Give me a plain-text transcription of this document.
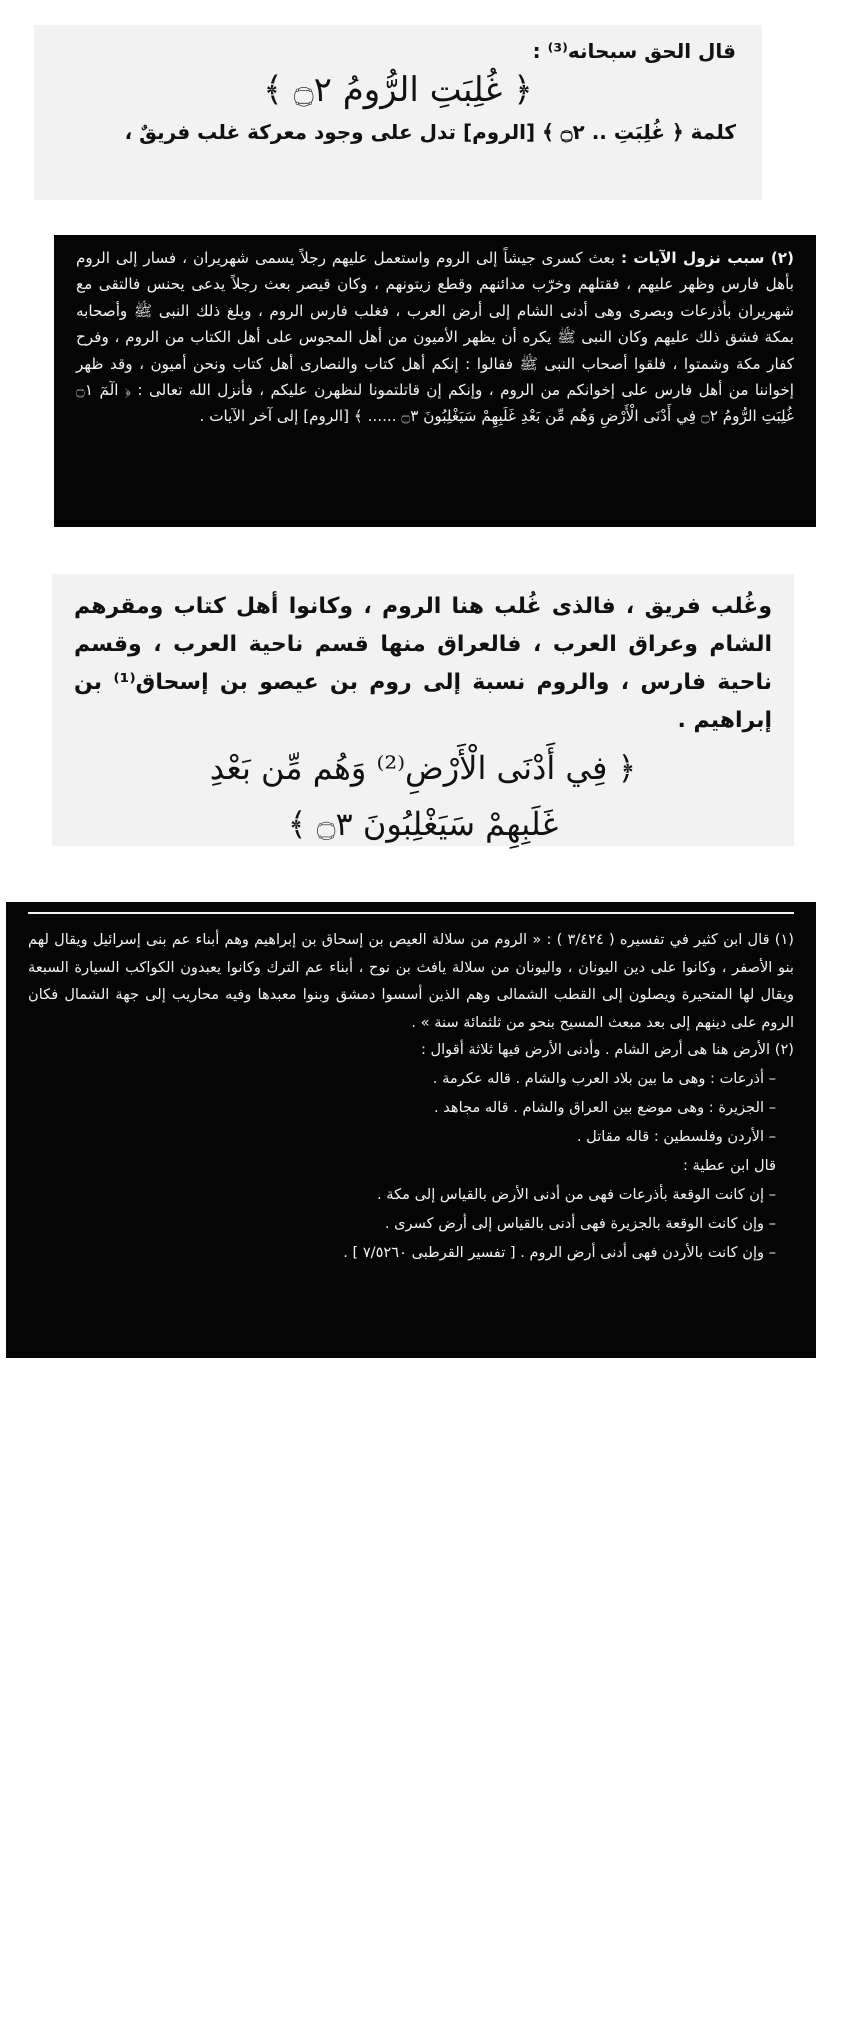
قال الحق سبحانه⁽³⁾ :
﴿ غُلِبَتِ الرُّومُ ۝٢ ﴾
كلمة ﴿ غُلِبَتِ .. ۝٢ ﴾ [الروم] تدل على وجود معركة غلب فريقٌ ،
(٢) سبب نزول الآيات : بعث كسرى جيشاً إلى الروم واستعمل عليهم رجلاً يسمى شهريران ، فسار إلى الروم بأهل فارس وظهر عليهم ، فقتلهم وخرّب مدائنهم وقطع زيتونهم ، وكان قيصر بعث رجلاً يدعى يحنس فالتقى مع شهريران بأذرعات وبصرى وهى أدنى الشام إلى أرض العرب ، فغلب فارس الروم ، وبلغ ذلك النبى ﷺ وأصحابه بمكة فشق ذلك عليهم وكان النبى ﷺ يكره أن يظهر الأميون من أهل المجوس على أهل الكتاب من الروم ، وفرح كفار مكة وشمتوا ، فلقوا أصحاب النبى ﷺ فقالوا : إنكم أهل كتاب والنصارى أهل كتاب ونحن أميون ، وقد ظهر إخواننا من أهل فارس على إخوانكم من الروم ، وإنكم إن قاتلتمونا لنظهرن عليكم ، فأنزل الله تعالى : ﴿ الٓمٓ ۝١ غُلِبَتِ الرُّومُ ۝٢ فِي أَدْنَى الْأَرْضِ وَهُم مِّن بَعْدِ غَلَبِهِمْ سَيَغْلِبُونَ ۝٣ ...... ﴾ [الروم] إلى آخر الآيات .
وغُلب فريق ، فالذى غُلب هنا الروم ، وكانوا أهل كتاب ومقرهم الشام وعراق العرب ، فالعراق منها قسم ناحية العرب ، وقسم ناحية فارس ، والروم نسبة إلى روم بن عيصو بن إسحاق⁽¹⁾ بن إبراهيم .
﴿ فِي أَدْنَى الْأَرْضِ⁽²⁾ وَهُم مِّن بَعْدِ
غَلَبِهِمْ سَيَغْلِبُونَ ۝٣ ﴾
(١) قال ابن كثير في تفسيره ( ٣/٤٢٤ ) : « الروم من سلالة العيص بن إسحاق بن إبراهيم وهم أبناء عم بنى إسرائيل ويقال لهم بنو الأصفر ، وكانوا على دين اليونان ، واليونان من سلالة يافث بن نوح ، أبناء عم الترك وكانوا يعبدون الكواكب السيارة السبعة ويقال لها المتحيرة ويصلون إلى القطب الشمالى وهم الذين أسسوا دمشق وبنوا معبدها وفيه محاريب إلى جهة الشمال فكان الروم على دينهم إلى بعد مبعث المسيح بنحو من ثلثمائة سنة » .
(٢) الأرض هنا هى أرض الشام . وأدنى الأرض فيها ثلاثة أقوال :
– أذرعات : وهى ما بين بلاد العرب والشام . قاله عكرمة .
– الجزيرة : وهى موضع بين العراق والشام . قاله مجاهد .
– الأردن وفلسطين : قاله مقاتل .
قال ابن عطية :
– إن كانت الوقعة بأذرعات فهى من أدنى الأرض بالقياس إلى مكة .
– وإن كانت الوقعة بالجزيرة فهى أدنى بالقياس إلى أرض كسرى .
– وإن كانت بالأردن فهى أدنى أرض الروم . [ تفسير القرطبى ٧/٥٢٦٠ ] .
